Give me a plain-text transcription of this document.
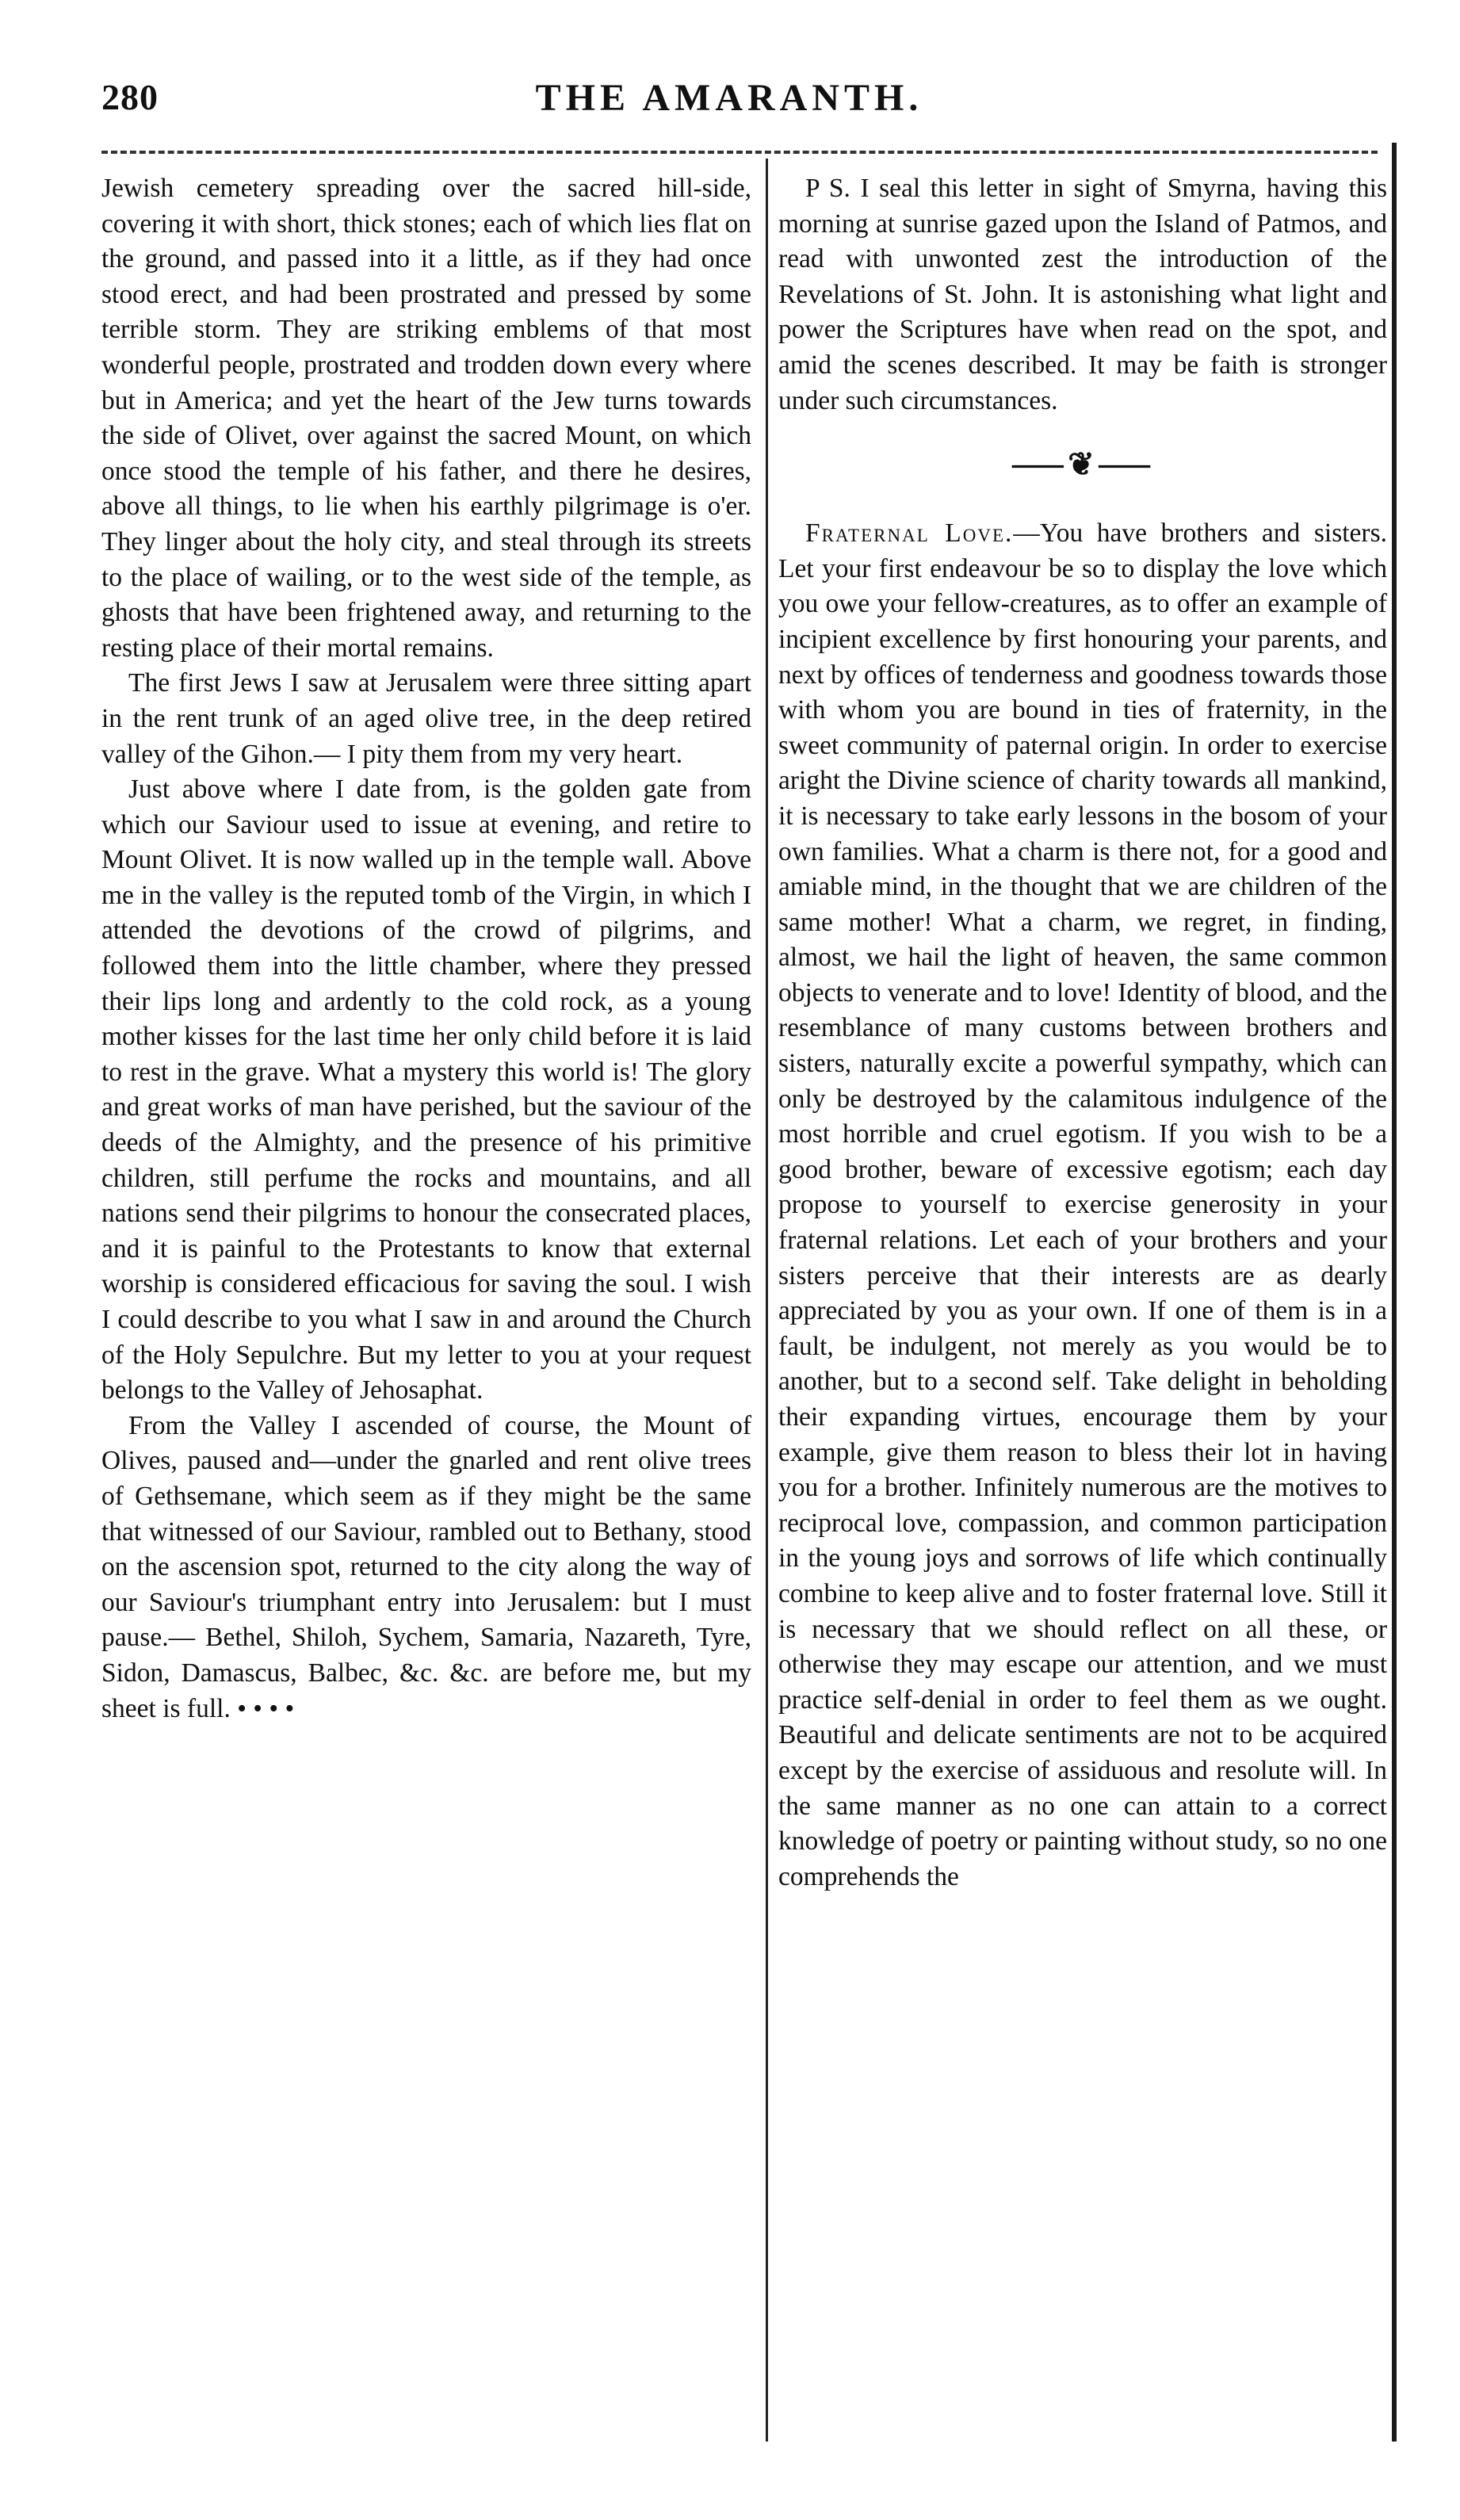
280	THE AMARANTH.

Jewish cemetery spreading over the sacred hill-side, covering it with short, thick stones; each of which lies flat on the ground, and passed into it a little, as if they had once stood erect, and had been prostrated and pressed by some terrible storm. They are striking emblems of that most wonderful people, prostrated and trodden down every where but in America; and yet the heart of the Jew turns towards the side of Olivet, over against the sacred Mount, on which once stood the temple of his father, and there he desires, above all things, to lie when his earthly pilgrimage is o'er. They linger about the holy city, and steal through its streets to the place of wailing, or to the west side of the temple, as ghosts that have been frightened away, and returning to the resting place of their mortal remains.

The first Jews I saw at Jerusalem were three sitting apart in the rent trunk of an aged olive tree, in the deep retired valley of the Gihon.— I pity them from my very heart.

Just above where I date from, is the golden gate from which our Saviour used to issue at evening, and retire to Mount Olivet. It is now walled up in the temple wall. Above me in the valley is the reputed tomb of the Virgin, in which I attended the devotions of the crowd of pilgrims, and followed them into the little chamber, where they pressed their lips long and ardently to the cold rock, as a young mother kisses for the last time her only child before it is laid to rest in the grave. What a mystery this world is! The glory and great works of man have perished, but the saviour of the deeds of the Almighty, and the presence of his primitive children, still perfume the rocks and mountains, and all nations send their pilgrims to honour the consecrated places, and it is painful to the Protestants to know that external worship is considered efficacious for saving the soul. I wish I could describe to you what I saw in and around the Church of the Holy Sepulchre. But my letter to you at your request belongs to the Valley of Jehosaphat.

From the Valley I ascended of course, the Mount of Olives, paused and—under the gnarled and rent olive trees of Gethsemane, which seem as if they might be the same that witnessed of our Saviour, rambled out to Bethany, stood on the ascension spot, returned to the city along the way of our Saviour's triumphant entry into Jerusalem: but I must pause.— Bethel, Shiloh, Sychem, Samaria, Nazareth, Tyre, Sidon, Damascus, Balbec, &c. &c. are before me, but my sheet is full. • • • •

P S. I seal this letter in sight of Smyrna, having this morning at sunrise gazed upon the Island of Patmos, and read with unwonted zest the introduction of the Revelations of St. John. It is astonishing what light and power the Scriptures have when read on the spot, and amid the scenes described. It may be faith is stronger under such circumstances.

⸺❦⸺

Fraternal Love.—You have brothers and sisters. Let your first endeavour be so to display the love which you owe your fellow-creatures, as to offer an example of incipient excellence by first honouring your parents, and next by offices of tenderness and goodness towards those with whom you are bound in ties of fraternity, in the sweet community of paternal origin. In order to exercise aright the Divine science of charity towards all mankind, it is necessary to take early lessons in the bosom of your own families. What a charm is there not, for a good and amiable mind, in the thought that we are children of the same mother! What a charm, we regret, in finding, almost, we hail the light of heaven, the same common objects to venerate and to love! Identity of blood, and the resemblance of many customs between brothers and sisters, naturally excite a powerful sympathy, which can only be destroyed by the calamitous indulgence of the most horrible and cruel egotism. If you wish to be a good brother, beware of excessive egotism; each day propose to yourself to exercise generosity in your fraternal relations. Let each of your brothers and your sisters perceive that their interests are as dearly appreciated by you as your own. If one of them is in a fault, be indulgent, not merely as you would be to another, but to a second self. Take delight in beholding their expanding virtues, encourage them by your example, give them reason to bless their lot in having you for a brother. Infinitely numerous are the motives to reciprocal love, compassion, and common participation in the young joys and sorrows of life which continually combine to keep alive and to foster fraternal love. Still it is necessary that we should reflect on all these, or otherwise they may escape our attention, and we must practice self-denial in order to feel them as we ought. Beautiful and delicate sentiments are not to be acquired except by the exercise of assiduous and resolute will. In the same manner as no one can attain to a correct knowledge of poetry or painting without study, so no one comprehends the
